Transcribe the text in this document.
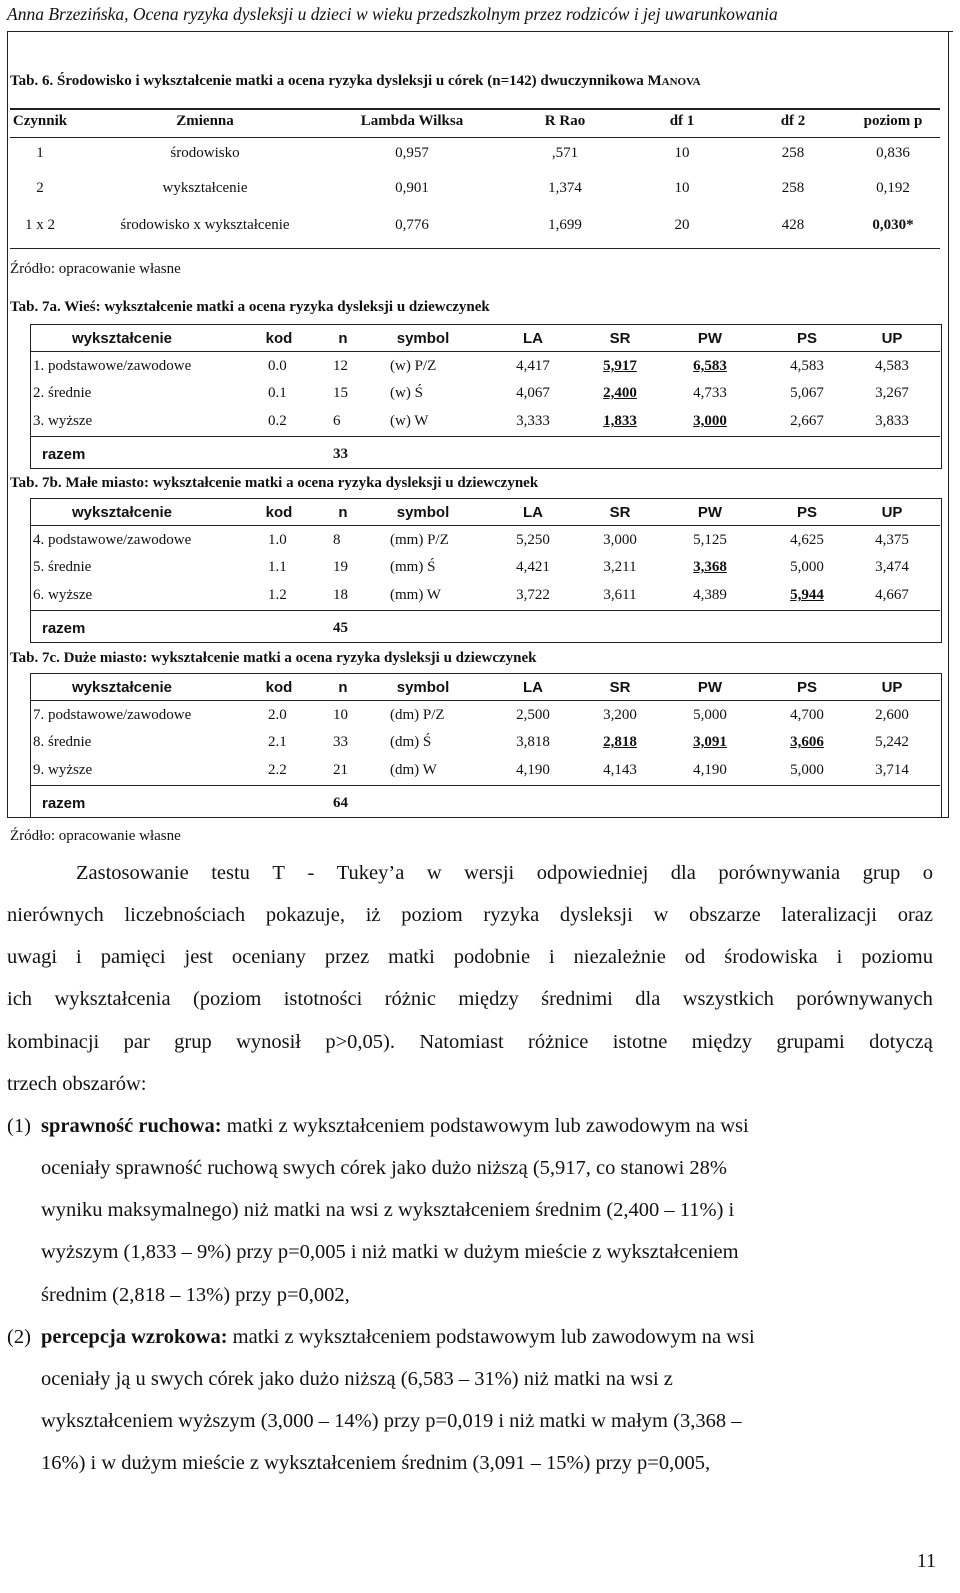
Anna Brzezińska, Ocena ryzyka dysleksji u dzieci w wieku przedszkolnym przez rodziców i jej uwarunkowania
Tab. 6. Środowisko i wykształcenie matki a ocena ryzyka dysleksji u córek (n=142) dwuczynnikowa Manova
Czynnik	Zmienna	Lambda Wilksa	R Rao	df 1	df 2	poziom p
1	środowisko	0,957	,571	10	258	0,836
2	wykształcenie	0,901	1,374	10	258	0,192
1 x 2	środowisko x wykształcenie	0,776	1,699	20	428	0,030*
Źródło: opracowanie własne
Tab. 7a. Wieś: wykształcenie matki a ocena ryzyka dysleksji u dziewczynek
wykształcenie	kod	n	symbol	LA	SR	PW	PS	UP
1. podstawowe/zawodowe	0.0	12	(w) P/Z	4,417	5,917	6,583	4,583	4,583
2. średnie	0.1	15	(w) Ś	4,067	2,400	4,733	5,067	3,267
3. wyższe	0.2	6	(w) W	3,333	1,833	3,000	2,667	3,833
razem	33
Tab. 7b. Małe miasto: wykształcenie matki a ocena ryzyka dysleksji u dziewczynek
wykształcenie	kod	n	symbol	LA	SR	PW	PS	UP
4. podstawowe/zawodowe	1.0	8	(mm) P/Z	5,250	3,000	5,125	4,625	4,375
5. średnie	1.1	19	(mm) Ś	4,421	3,211	3,368	5,000	3,474
6. wyższe	1.2	18	(mm) W	3,722	3,611	4,389	5,944	4,667
razem	45
Tab. 7c. Duże miasto: wykształcenie matki a ocena ryzyka dysleksji u dziewczynek
wykształcenie	kod	n	symbol	LA	SR	PW	PS	UP
7. podstawowe/zawodowe	2.0	10	(dm) P/Z	2,500	3,200	5,000	4,700	2,600
8. średnie	2.1	33	(dm) Ś	3,818	2,818	3,091	3,606	5,242
9. wyższe	2.2	21	(dm) W	4,190	4,143	4,190	5,000	3,714
razem	64
Źródło: opracowanie własne
Zastosowanie testu T - Tukey’a w wersji odpowiedniej dla porównywania grup o
nierównych liczebnościach pokazuje, iż poziom ryzyka dysleksji w obszarze lateralizacji oraz
uwagi i pamięci jest oceniany przez matki podobnie i niezależnie od środowiska i poziomu
ich wykształcenia (poziom istotności różnic między średnimi dla wszystkich porównywanych
kombinacji par grup wynosił p>0,05). Natomiast różnice istotne między grupami dotyczą
trzech obszarów:
(1) sprawność ruchowa: matki z wykształceniem podstawowym lub zawodowym na wsi
oceniały sprawność ruchową swych córek jako dużo niższą (5,917, co stanowi 28%
wyniku maksymalnego) niż matki na wsi z wykształceniem średnim (2,400 – 11%) i
wyższym (1,833 – 9%) przy p=0,005 i niż matki w dużym mieście z wykształceniem
średnim (2,818 – 13%) przy p=0,002,
(2) percepcja wzrokowa: matki z wykształceniem podstawowym lub zawodowym na wsi
oceniały ją u swych córek jako dużo niższą (6,583 – 31%) niż matki na wsi z
wykształceniem wyższym (3,000 – 14%) przy p=0,019 i niż matki w małym (3,368 –
16%) i w dużym mieście z wykształceniem średnim (3,091 – 15%) przy p=0,005,
11
